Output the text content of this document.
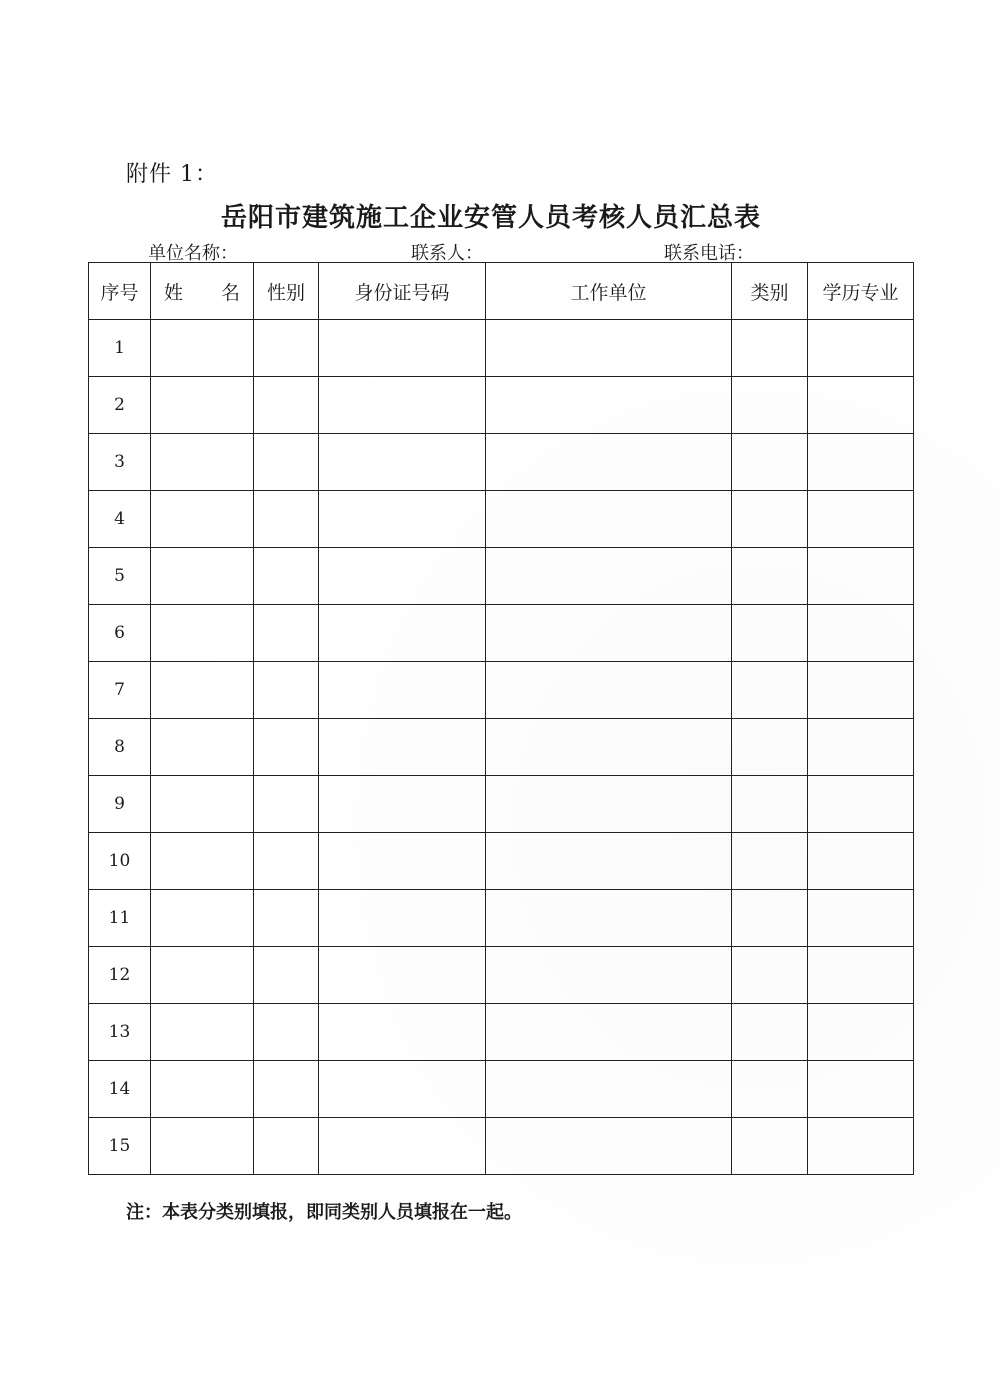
附件 1：
岳阳市建筑施工企业安管人员考核人员汇总表
单位名称：	联系人：	联系电话：
序号	姓　　名	性别	身份证号码	工作单位	类别	学历专业
1						
2						
3						
4						
5						
6						
7						
8						
9						
10						
11						
12						
13						
14						
15						
注：本表分类别填报，即同类别人员填报在一起。
